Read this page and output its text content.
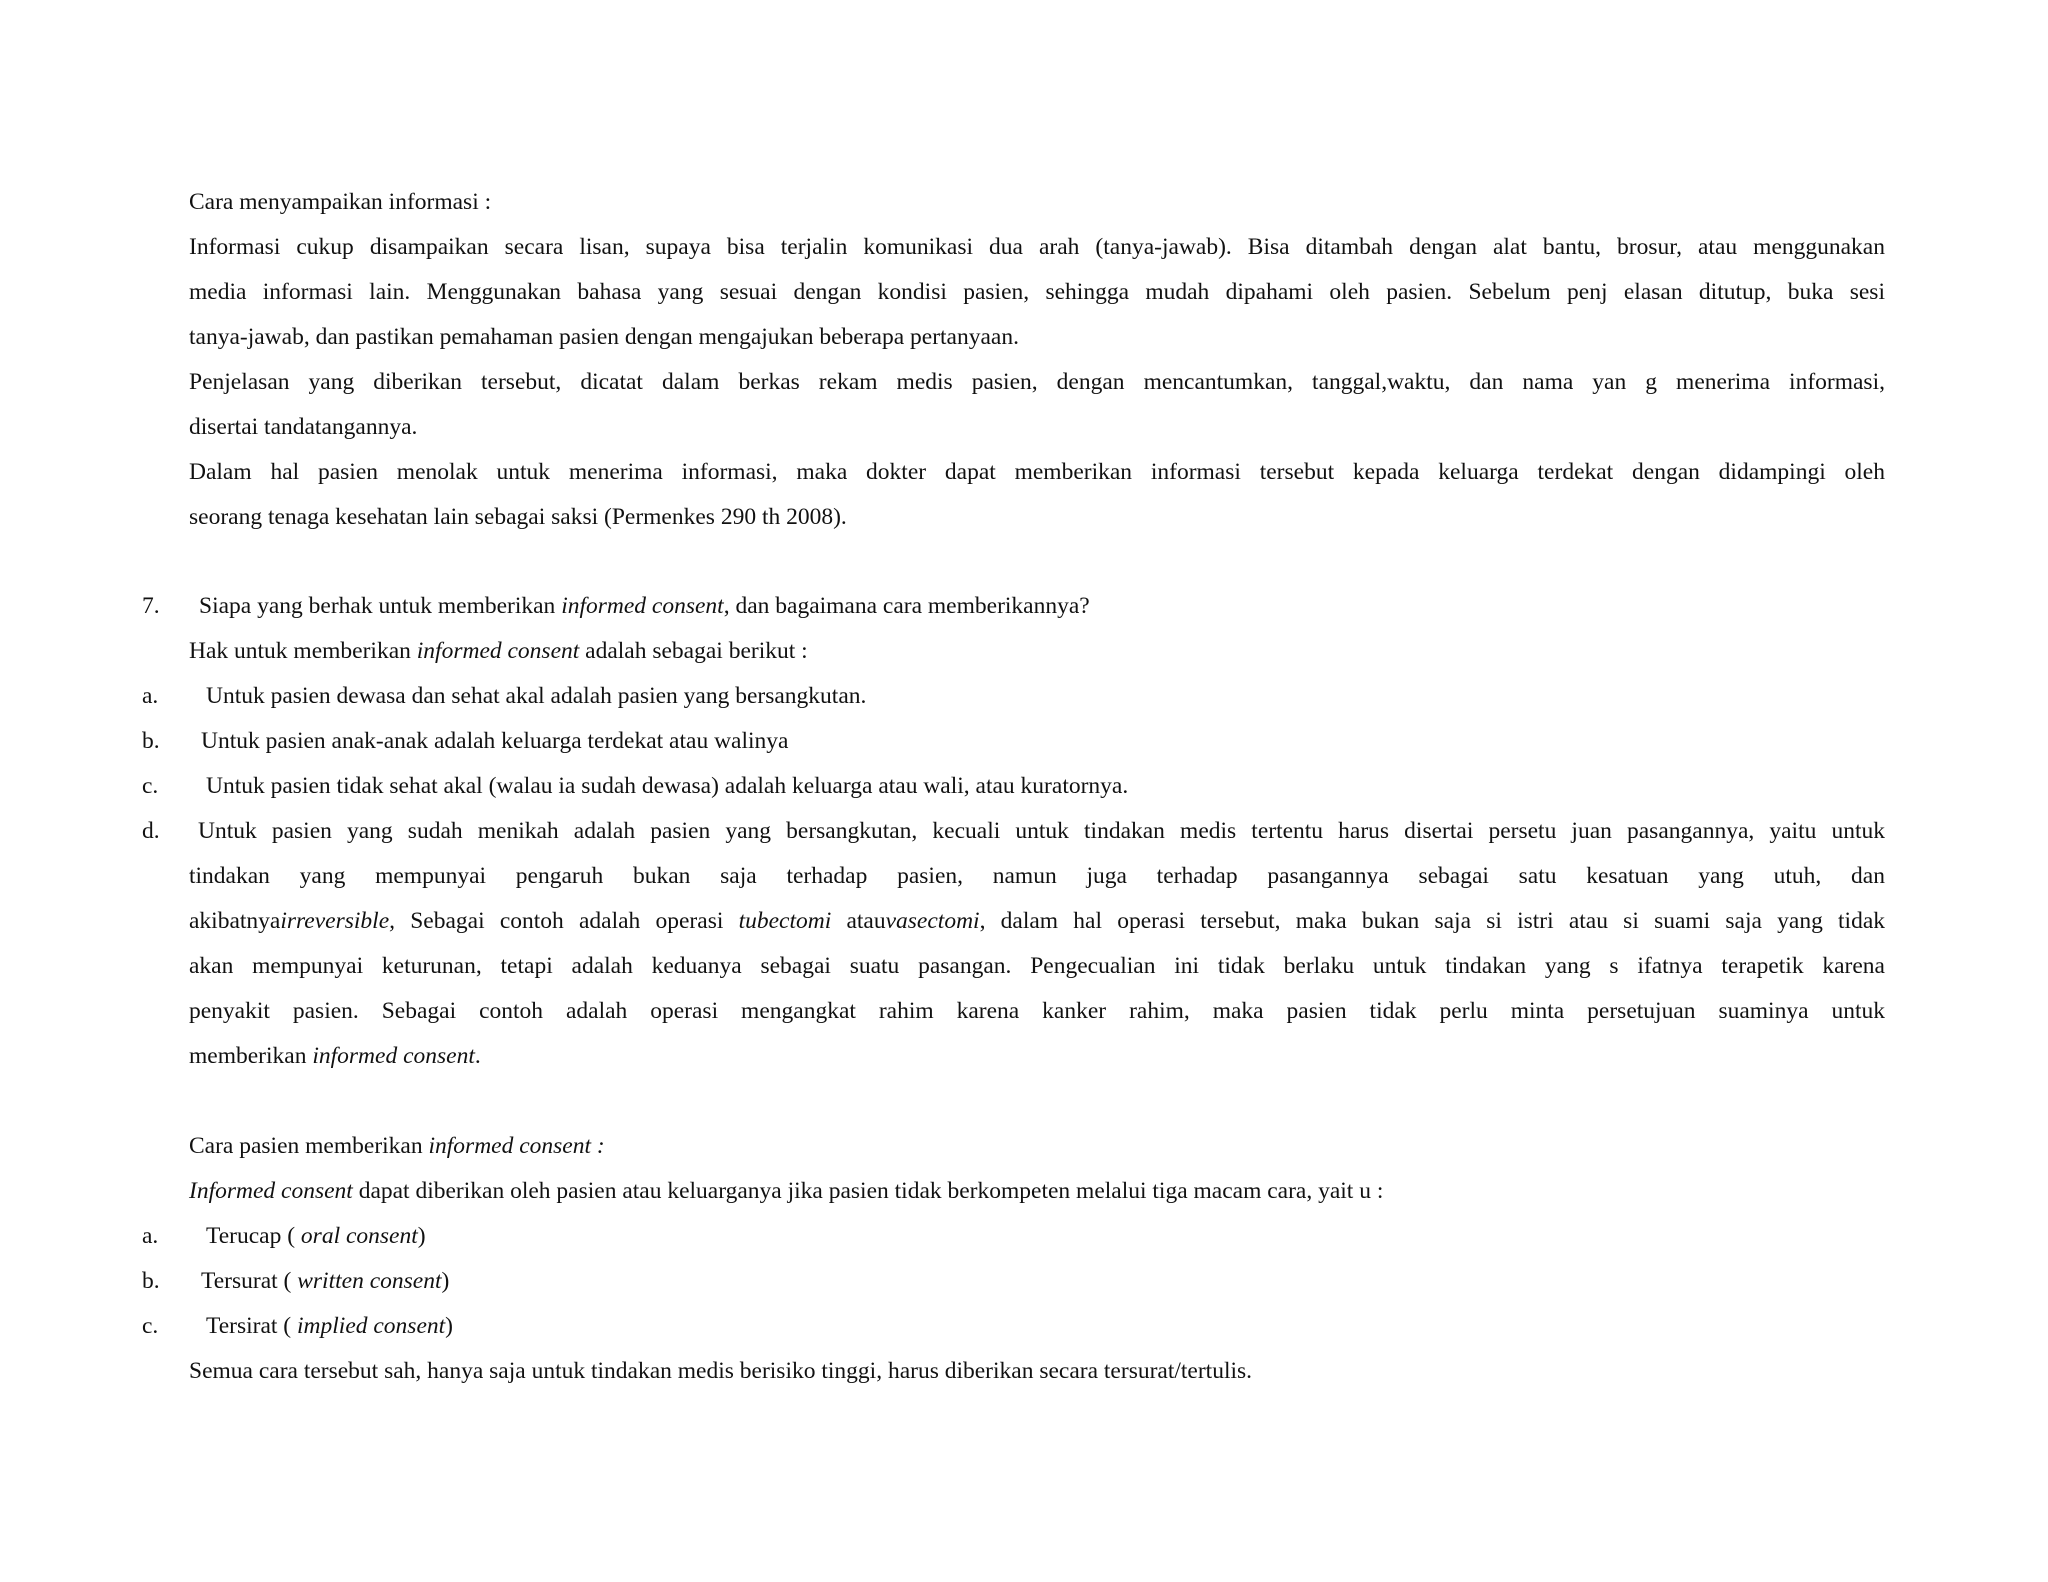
Cara menyampaikan informasi :
Informasi cukup disampaikan secara lisan, supaya bisa terjalin komunikasi dua arah (tanya-jawab). Bisa ditambah dengan alat bantu, brosur, atau menggunakan
media informasi lain. Menggunakan bahasa yang sesuai dengan kondisi pasien, sehingga mudah dipahami oleh pasien. Sebelum penj elasan ditutup, buka sesi
tanya-jawab, dan pastikan pemahaman pasien dengan mengajukan beberapa pertanyaan.
Penjelasan yang diberikan tersebut, dicatat dalam berkas rekam medis pasien, dengan mencantumkan, tanggal,waktu, dan nama yan g menerima informasi,
disertai tandatangannya.
Dalam hal pasien menolak untuk menerima informasi, maka dokter dapat memberikan informasi tersebut kepada keluarga terdekat dengan didampingi oleh
seorang tenaga kesehatan lain sebagai saksi (Permenkes 290 th 2008).
7. Siapa yang berhak untuk memberikan informed consent, dan bagaimana cara memberikannya?
Hak untuk memberikan informed consent adalah sebagai berikut :
a. Untuk pasien dewasa dan sehat akal adalah pasien yang bersangkutan.
b. Untuk pasien anak-anak adalah keluarga terdekat atau walinya
c. Untuk pasien tidak sehat akal (walau ia sudah dewasa) adalah keluarga atau wali, atau kuratornya.
d. Untuk pasien yang sudah menikah adalah pasien yang bersangkutan, kecuali untuk tindakan medis tertentu harus disertai persetu juan pasangannya, yaitu untuk
tindakan yang mempunyai pengaruh bukan saja terhadap pasien, namun juga terhadap pasangannya sebagai satu kesatuan yang utuh, dan
akibatnyairreversible, Sebagai contoh adalah operasi tubectomi atauvasectomi, dalam hal operasi tersebut, maka bukan saja si istri atau si suami saja yang tidak
akan mempunyai keturunan, tetapi adalah keduanya sebagai suatu pasangan. Pengecualian ini tidak berlaku untuk tindakan yang s ifatnya terapetik karena
penyakit pasien. Sebagai contoh adalah operasi mengangkat rahim karena kanker rahim, maka pasien tidak perlu minta persetujuan suaminya untuk
memberikan informed consent.
Cara pasien memberikan informed consent :
Informed consent dapat diberikan oleh pasien atau keluarganya jika pasien tidak berkompeten melalui tiga macam cara, yait u :
a. Terucap ( oral consent)
b. Tersurat ( written consent)
c. Tersirat ( implied consent)
Semua cara tersebut sah, hanya saja untuk tindakan medis berisiko tinggi, harus diberikan secara tersurat/tertulis.
